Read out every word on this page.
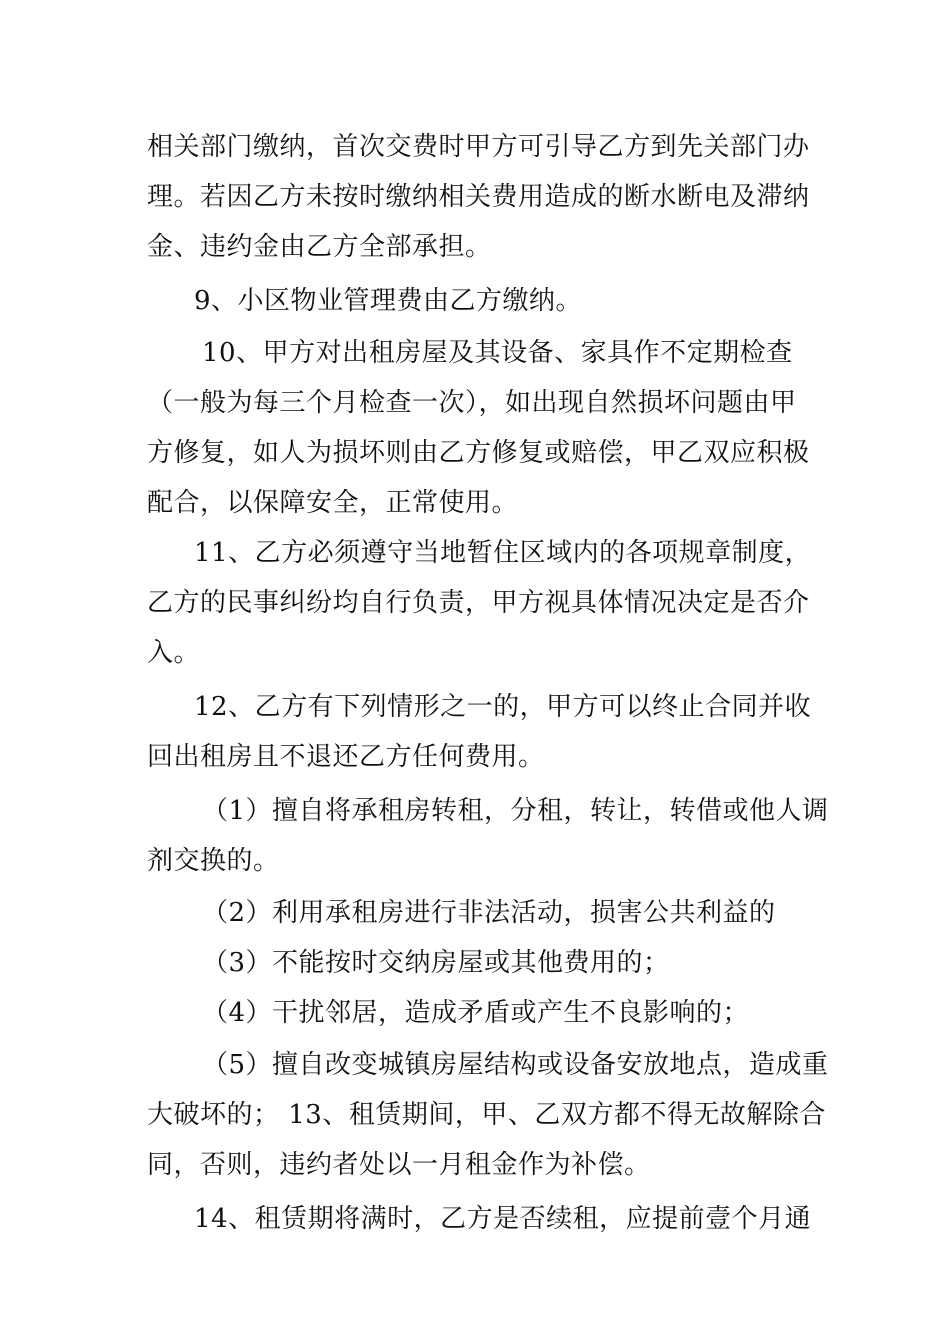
相关部门缴纳，首次交费时甲方可引导乙方到先关部门办
理。若因乙方未按时缴纳相关费用造成的断水断电及滞纳
金、违约金由乙方全部承担。
9、小区物业管理费由乙方缴纳。
10、甲方对出租房屋及其设备、家具作不定期检查
（一般为每三个月检查一次），如出现自然损坏问题由甲
方修复，如人为损坏则由乙方修复或赔偿，甲乙双应积极
配合，以保障安全，正常使用。
11、乙方必须遵守当地暂住区域内的各项规章制度，
乙方的民事纠纷均自行负责，甲方视具体情况决定是否介
入。
12、乙方有下列情形之一的，甲方可以终止合同并收
回出租房且不退还乙方任何费用。
（1）擅自将承租房转租，分租，转让，转借或他人调
剂交换的。
（2）利用承租房进行非法活动，损害公共利益的
（3）不能按时交纳房屋或其他费用的；
（4）干扰邻居，造成矛盾或产生不良影响的；
（5）擅自改变城镇房屋结构或设备安放地点，造成重
大破坏的； 13、租赁期间，甲、乙双方都不得无故解除合
同，否则，违约者处以一月租金作为补偿。
14、租赁期将满时，乙方是否续租，应提前壹个月通
